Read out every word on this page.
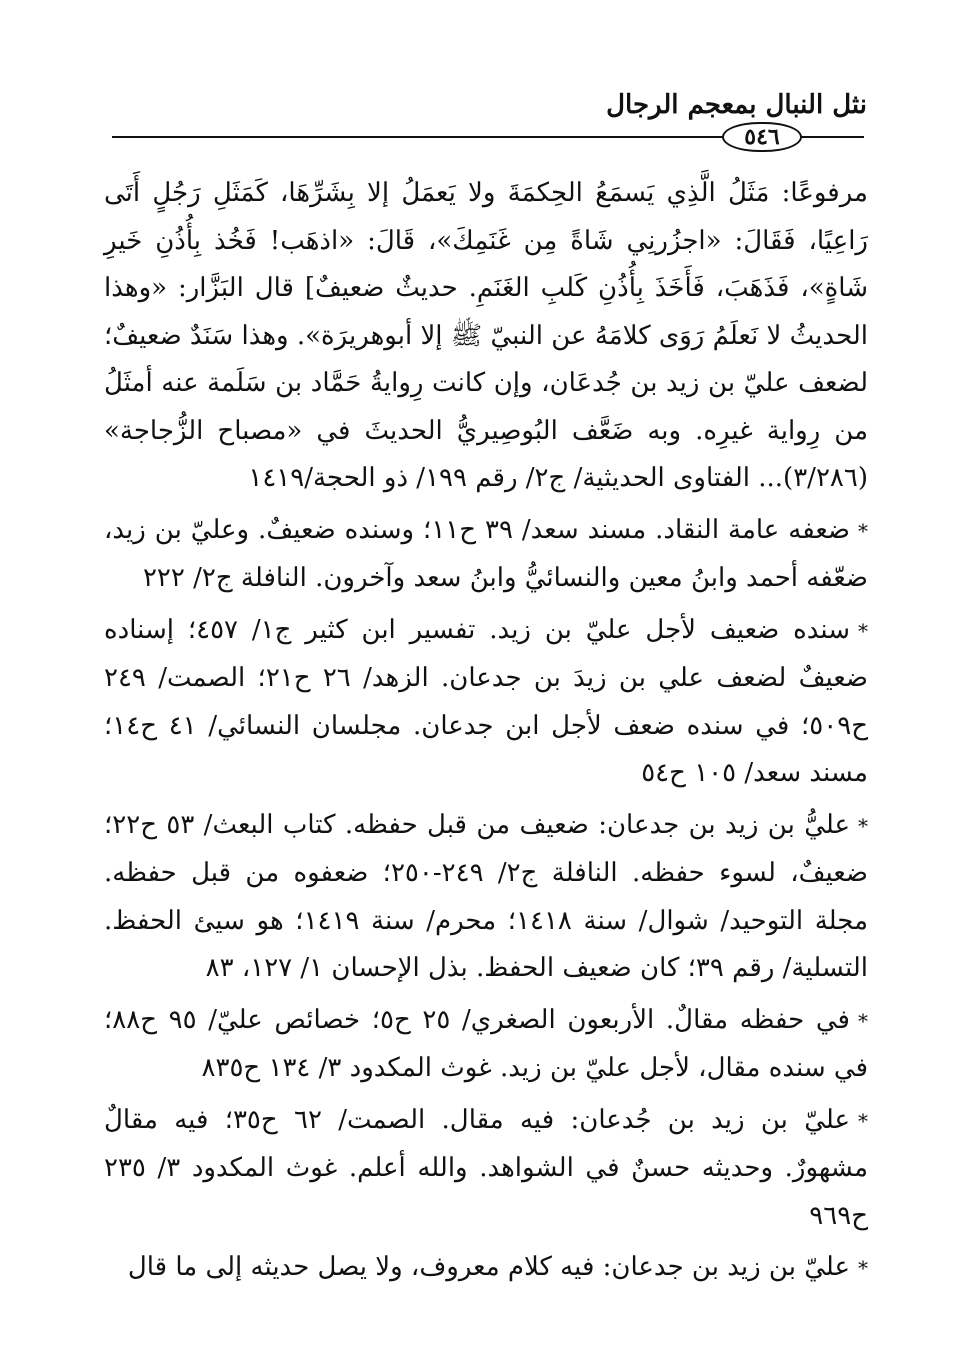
نثل النبال بمعجم الرجال
٥٤٦

مرفوعًا: مَثَلُ الَّذِي يَسمَعُ الحِكمَةَ ولا يَعمَلُ إلا بِشَرِّهَا، كَمَثَلِ رَجُلٍ أَتَى رَاعِيًا، فَقَالَ: «اجزُرنِي شَاةً مِن غَنَمِكَ»، قَالَ: «اذهَب! فَخُذ بِأُذُنِ خَيرِ شَاةٍ»، فَذَهَبَ، فَأَخَذَ بِأُذُنِ كَلبِ الغَنَمِ. حديثٌ ضعيفٌ] قال البَزَّار: «وهذا الحديثُ لا نَعلَمُ رَوَى كلامَهُ عن النبيّ ﷺ إلا أبوهريرَة». وهذا سَنَدٌ ضعيفٌ؛ لضعف عليّ بن زيد بن جُدعَان، وإن كانت رِوايةُ حَمَّاد بن سَلَمة عنه أمثَلُ من رِواية غيرِه. وبه ضَعَّف البُوصِيريُّ الحديثَ في «مصباح الزُّجاجة» (٣/٢٨٦)... الفتاوى الحديثية/ ج٢/ رقم ١٩٩/ ذو الحجة/١٤١٩

*ضعفه عامة النقاد. مسند سعد/ ٣٩ ح١١؛ وسنده ضعيفٌ. وعليّ بن زيد، ضعّفه أحمد وابنُ معين والنسائيُّ وابنُ سعد وآخرون. النافلة ج٢/ ٢٢٢

*سنده ضعيف لأجل عليّ بن زيد. تفسير ابن كثير ج١/ ٤٥٧؛ إسناده ضعيفٌ لضعف علي بن زيدَ بن جدعان. الزهد/ ٢٦ ح٢١؛ الصمت/ ٢٤٩ ح٥٠٩؛ في سنده ضعف لأجل ابن جدعان. مجلسان النسائي/ ٤١ ح١٤؛ مسند سعد/ ١٠٥ ح٥٤

*عليُّ بن زيد بن جدعان: ضعيف من قبل حفظه. كتاب البعث/ ٥٣ ح٢٢؛ ضعيفٌ، لسوء حفظه. النافلة ج٢/ ٢٤٩-٢٥٠؛ ضعفوه من قبل حفظه. مجلة التوحيد/ شوال/ سنة ١٤١٨؛ محرم/ سنة ١٤١٩؛ هو سيئ الحفظ. التسلية/ رقم ٣٩؛ كان ضعيف الحفظ. بذل الإحسان ١/ ١٢٧، ٨٣

*في حفظه مقالٌ. الأربعون الصغري/ ٢٥ ح٥؛ خصائص عليّ/ ٩٥ ح٨٨؛ في سنده مقال، لأجل عليّ بن زيد. غوث المكدود ٣/ ١٣٤ ح٨٣٥

*عليّ بن زيد بن جُدعان: فيه مقال. الصمت/ ٦٢ ح٣٥؛ فيه مقالٌ مشهورٌ. وحديثه حسنٌ في الشواهد. والله أعلم. غوث المكدود ٣/ ٢٣٥ ح٩٦٩

*عليّ بن زيد بن جدعان: فيه كلام معروف، ولا يصل حديثه إلى ما قال
